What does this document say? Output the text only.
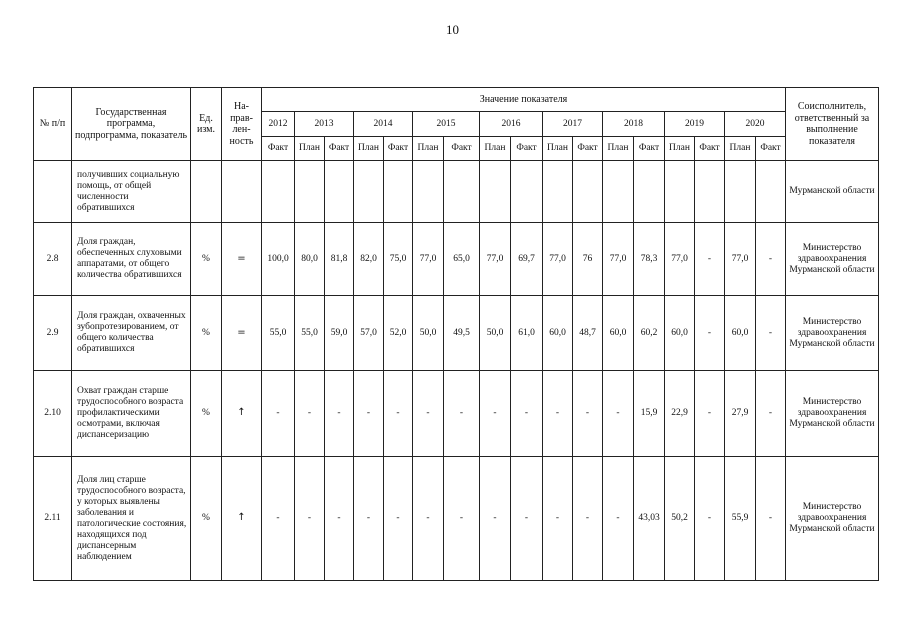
10
№ п/п	Государственная программа, подпрограмма, показатель	Ед. изм.	На-прав-лен-ность	Значение показателя																	Соисполнитель, ответственный за выполнение показателя
				2012	2013		2014		2015		2016		2017		2018		2019		2020		
				Факт	План	Факт	План	Факт	План	Факт	План	Факт	План	Факт	План	Факт	План	Факт	План	Факт	
	получивших социальную помощь, от общей численности обратившихся																				Мурманской области
2.8	Доля граждан, обеспеченных слуховыми аппаратами, от общего количества обратившихся	%	=	100,0	80,0	81,8	82,0	75,0	77,0	65,0	77,0	69,7	77,0	76	77,0	78,3	77,0	-	77,0	-	Министерство здравоохранения Мурманской области
2.9	Доля граждан, охваченных зубопротезированием, от общего количества обратившихся	%	=	55,0	55,0	59,0	57,0	52,0	50,0	49,5	50,0	61,0	60,0	48,7	60,0	60,2	60,0	-	60,0	-	Министерство здравоохранения Мурманской области
2.10	Охват граждан старше трудоспособного возраста профилактическими осмотрами, включая диспансеризацию	%	↑	-	-	-	-	-	-	-	-	-	-	-	-	15,9	22,9	-	27,9	-	Министерство здравоохранения Мурманской области
2.11	Доля лиц старше трудоспособного возраста, у которых выявлены заболевания и патологические состояния, находящихся под диспансерным наблюдением	%	↑	-	-	-	-	-	-	-	-	-	-	-	-	43,03	50,2	-	55,9	-	Министерство здравоохранения Мурманской области
